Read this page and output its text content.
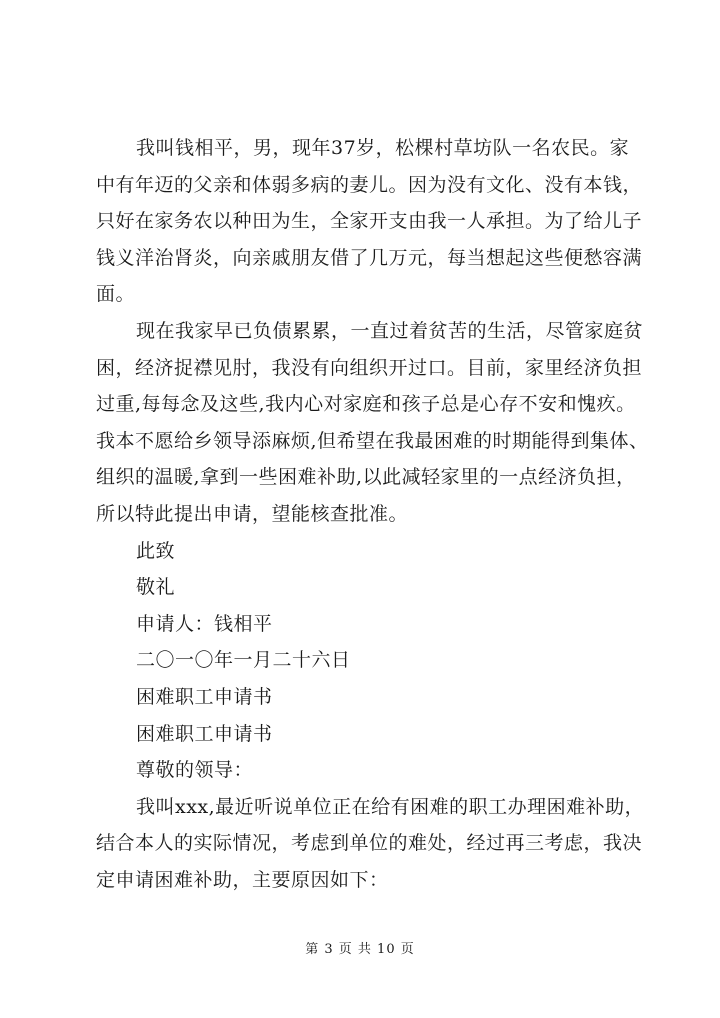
我叫钱相平，男，现年37岁，松棵村草坊队一名农民。家
中有年迈的父亲和体弱多病的妻儿。因为没有文化、没有本钱，
只好在家务农以种田为生，全家开支由我一人承担。为了给儿子
钱义洋治肾炎，向亲戚朋友借了几万元，每当想起这些便愁容满
面。
现在我家早已负债累累，一直过着贫苦的生活，尽管家庭贫
困，经济捉襟见肘，我没有向组织开过口。目前，家里经济负担
过重,每每念及这些,我内心对家庭和孩子总是心存不安和愧疚。
我本不愿给乡领导添麻烦,但希望在我最困难的时期能得到集体、
组织的温暖,拿到一些困难补助,以此减轻家里的一点经济负担，
所以特此提出申请，望能核查批准。
此致
敬礼
申请人：钱相平
二〇一〇年一月二十六日
困难职工申请书
困难职工申请书
尊敬的领导：
我叫xxx,最近听说单位正在给有困难的职工办理困难补助，
结合本人的实际情况，考虑到单位的难处，经过再三考虑，我决
定申请困难补助，主要原因如下：
第 3 页 共 10 页
